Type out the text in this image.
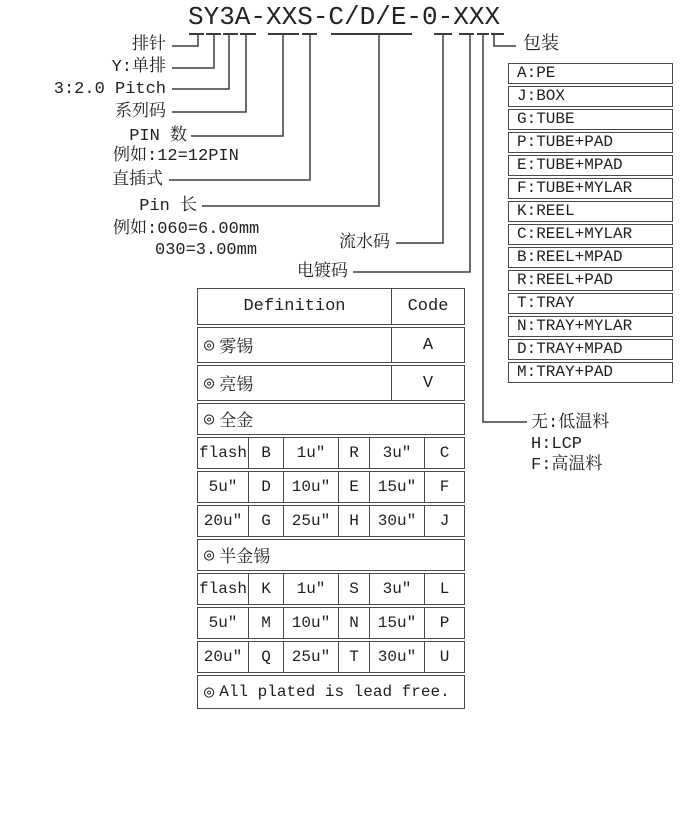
SY3A-XXS-C/D/E-0-XXX
排针
Y:单排
3:2.0 Pitch
系列码
PIN 数
例如:12=12PIN
直插式
Pin 长
例如:060=6.00mm
030=3.00mm	流水码
电镀码
包装
A:PE
J:BOX
G:TUBE
P:TUBE+PAD
E:TUBE+MPAD
F:TUBE+MYLAR
K:REEL
C:REEL+MYLAR
B:REEL+MPAD
R:REEL+PAD
T:TRAY
N:TRAY+MYLAR
D:TRAY+MPAD
M:TRAY+PAD
无:低温料
H:LCP
F:高温料
Definition	Code
◎ 雾锡	A
◎ 亮锡	V
◎ 全金
flash B	1u″	R	3u″	C
5u″	D	10u″	E	15u″	F
20u″	G	25u″	H	30u″	J
◎ 半金锡
flash K	1u″	S	3u″	L
5u″	M	10u″	N	15u″	P
20u″	Q	25u″	T	30u″	U
◎ All plated is lead free.
